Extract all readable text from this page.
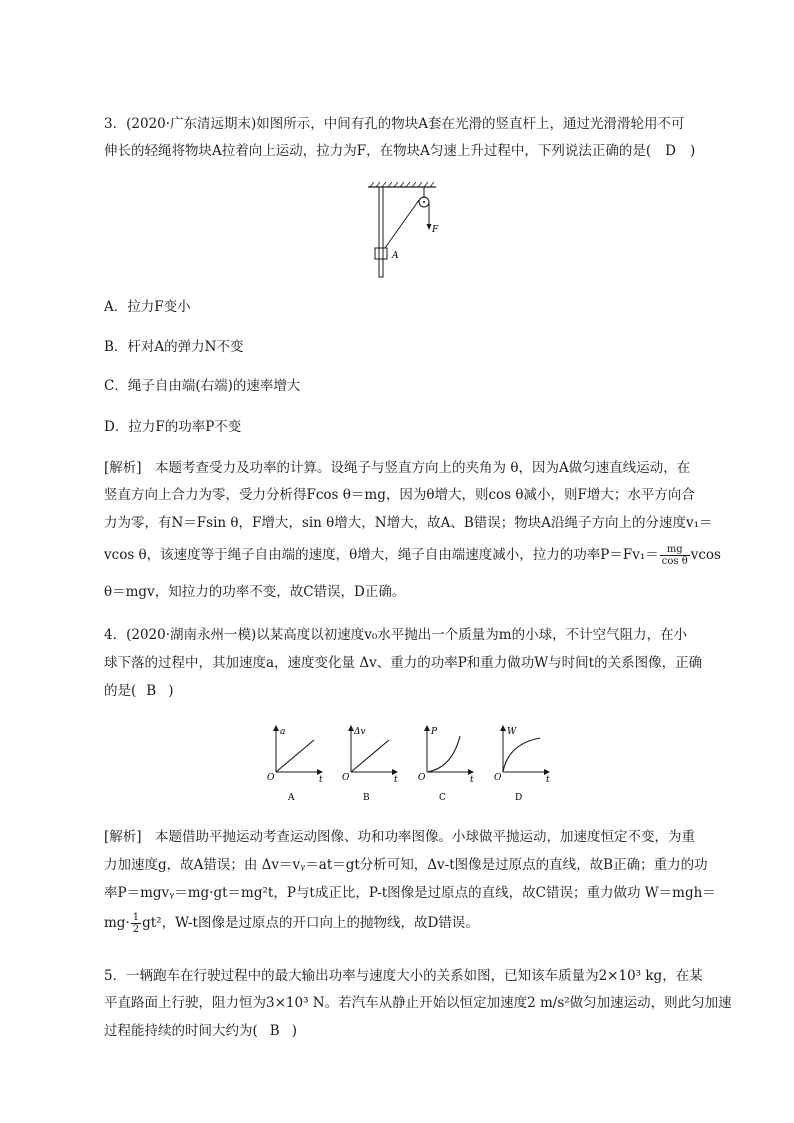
3．(2020·广东清远期末)如图所示，中间有孔的物块A套在光滑的竖直杆上，通过光滑滑轮用不可
伸长的轻绳将物块A拉着向上运动，拉力为F，在物块A匀速上升过程中，下列说法正确的是( D )
F
A
A．拉力F变小
B．杆对A的弹力N不变
C．绳子自由端(右端)的速率增大
D．拉力F的功率P不变
[解析]　本题考查受力及功率的计算。设绳子与竖直方向上的夹角为 θ，因为A做匀速直线运动，在
竖直方向上合力为零，受力分析得Fcos θ＝mg，因为θ增大，则cos θ减小，则F增大；水平方向合
力为零，有N＝Fsin θ，F增大，sin θ增大，N增大，故A、B错误；物块A沿绳子方向上的分速度v₁＝
vcos θ，该速度等于绳子自由端的速度，θ增大，绳子自由端速度减小，拉力的功率$P=Fv_1= \frac{mg}{\text{cos θ}}$ vcos
θ＝mgv，知拉力的功率不变，故C错误，D正确。
4．(2020·湖南永州一模)以某高度以初速度v₀水平抛出一个质量为m的小球，不计空气阻力，在小
球下落的过程中，其加速度a，速度变化量 Δv、重力的功率P和重力做功W与时间t的关系图像，正确
的是( B )
a
t
O
A
Δv
t
O
B
P
t
O
C
W
t
O
D
[解析]　本题借助平抛运动考查运动图像、功和功率图像。小球做平抛运动，加速度恒定不变，为重
力加速度g，故A错误；由 Δv＝vᵧ＝at＝gt分析可知，Δv-t图像是过原点的直线，故B正确；重力的功
率P＝mgvᵧ＝mg·gt＝mg²t，P与t成正比，P-t图像是过原点的直线，故C错误；重力做功 W＝mgh＝
$mg\cdot \frac{1}{2} gt^2$，W-t图像是过原点的开口向上的抛物线，故D错误。
5．一辆跑车在行驶过程中的最大输出功率与速度大小的关系如图，已知该车质量为2×10³ kg，在某
平直路面上行驶，阻力恒为3×10³ N。若汽车从静止开始以恒定加速度2 m/s²做匀加速运动，则此匀加速
过程能持续的时间大约为( B )
